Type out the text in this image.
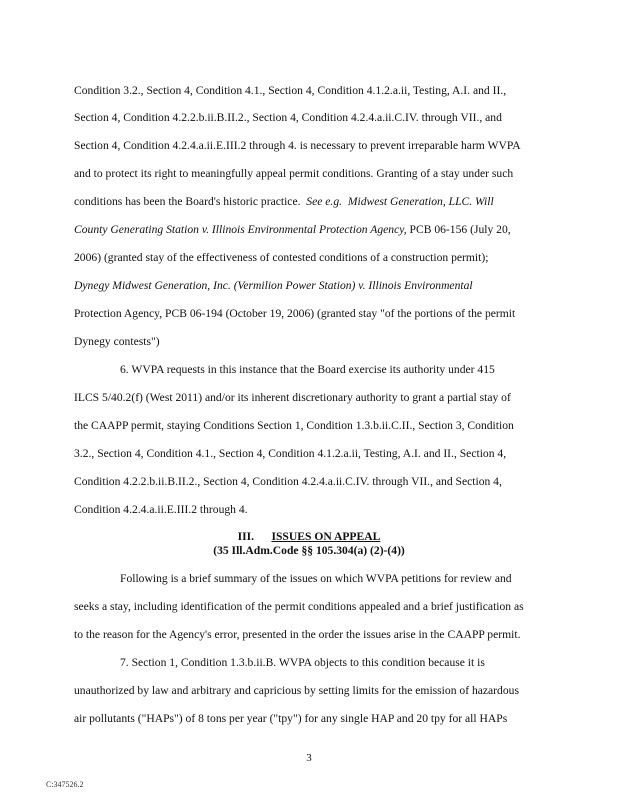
Condition 3.2., Section 4, Condition 4.1., Section 4, Condition 4.1.2.a.ii, Testing, A.I. and II.,
Section 4, Condition 4.2.2.b.ii.B.II.2., Section 4, Condition 4.2.4.a.ii.C.IV. through VII., and
Section 4, Condition 4.2.4.a.ii.E.III.2 through 4. is necessary to prevent irreparable harm WVPA
and to protect its right to meaningfully appeal permit conditions. Granting of a stay under such
conditions has been the Board's historic practice. See e.g. Midwest Generation, LLC. Will
County Generating Station v. Illinois Environmental Protection Agency, PCB 06-156 (July 20,
2006) (granted stay of the effectiveness of contested conditions of a construction permit);
Dynegy Midwest Generation, Inc. (Vermilion Power Station) v. Illinois Environmental
Protection Agency, PCB 06-194 (October 19, 2006) (granted stay "of the portions of the permit
Dynegy contests")
6. WVPA requests in this instance that the Board exercise its authority under 415
ILCS 5/40.2(f) (West 2011) and/or its inherent discretionary authority to grant a partial stay of
the CAAPP permit, staying Conditions Section 1, Condition 1.3.b.ii.C.II., Section 3, Condition
3.2., Section 4, Condition 4.1., Section 4, Condition 4.1.2.a.ii, Testing, A.I. and II., Section 4,
Condition 4.2.2.b.ii.B.II.2., Section 4, Condition 4.2.4.a.ii.C.IV. through VII., and Section 4,
Condition 4.2.4.a.ii.E.III.2 through 4.
III. ISSUES ON APPEAL
(35 Ill.Adm.Code §§ 105.304(a) (2)-(4))
Following is a brief summary of the issues on which WVPA petitions for review and
seeks a stay, including identification of the permit conditions appealed and a brief justification as
to the reason for the Agency's error, presented in the order the issues arise in the CAAPP permit.
7. Section 1, Condition 1.3.b.ii.B. WVPA objects to this condition because it is
unauthorized by law and arbitrary and capricious by setting limits for the emission of hazardous
air pollutants ("HAPs") of 8 tons per year ("tpy") for any single HAP and 20 tpy for all HAPs
3
C:347526.2
